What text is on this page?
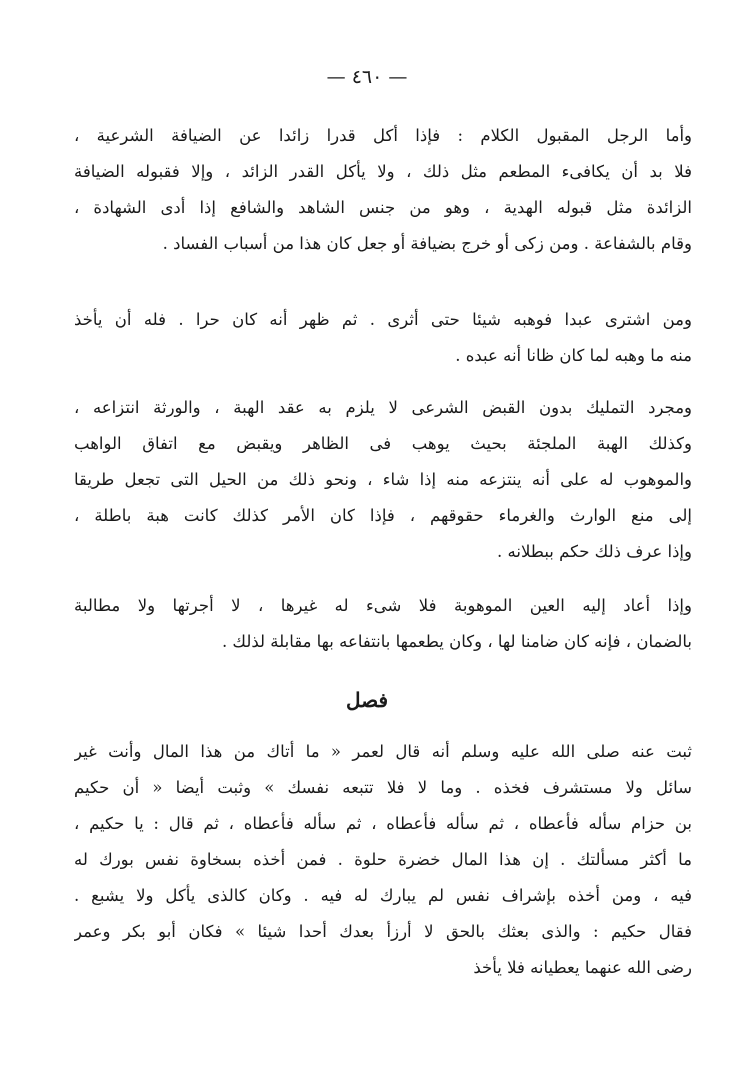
— ٤٦٠ —
وأما الرجل المقبول الكلام : فإذا أكل قدرا زائدا عن الضيافة الشرعية ،
فلا بد أن يكافىء المطعم مثل ذلك ، ولا يأكل القدر الزائد ، وإلا فقبوله الضيافة
الزائدة مثل قبوله الهدية ، وهو من جنس الشاهد والشافع إذا أدى الشهادة ،
وقام بالشفاعة . ومن زكى أو خرج بضيافة أو جعل كان هذا من أسباب الفساد .
ومن اشترى عبدا فوهبه شيئا حتى أثرى . ثم ظهر أنه كان حرا . فله أن يأخذ
منه ما وهبه لما كان ظانا أنه عبده .
ومجرد التمليك بدون القبض الشرعى لا يلزم به عقد الهبة ، والورثة انتزاعه ،
وكذلك الهبة الملجئة بحيث يوهب فى الظاهر ويقبض مع اتفاق الواهب
والموهوب له على أنه ينتزعه منه إذا شاء ، ونحو ذلك من الحيل التى تجعل طريقا
إلى منع الوارث والغرماء حقوقهم ، فإذا كان الأمر كذلك كانت هبة باطلة ،
وإذا عرف ذلك حكم ببطلانه .
وإذا أعاد إليه العين الموهوبة فلا شىء له غيرها ، لا أجرتها ولا مطالبة
بالضمان ، فإنه كان ضامنا لها ، وكان يطعمها بانتفاعه بها مقابلة لذلك .
فصل
ثبت عنه صلى الله عليه وسلم أنه قال لعمر « ما أتاك من هذا المال وأنت غير
سائل ولا مستشرف فخذه . وما لا فلا تتبعه نفسك » وثبت أيضا « أن حكيم
بن حزام سأله فأعطاه ، ثم سأله فأعطاه ، ثم سأله فأعطاه ، ثم قال : يا حكيم ،
ما أكثر مسألتك . إن هذا المال خضرة حلوة . فمن أخذه بسخاوة نفس بورك له
فيه ، ومن أخذه بإشراف نفس لم يبارك له فيه . وكان كالذى يأكل ولا يشبع .
فقال حكيم : والذى بعثك بالحق لا أرزأ بعدك أحدا شيئا » فكان أبو بكر وعمر
رضى الله عنهما يعطيانه فلا يأخذ
